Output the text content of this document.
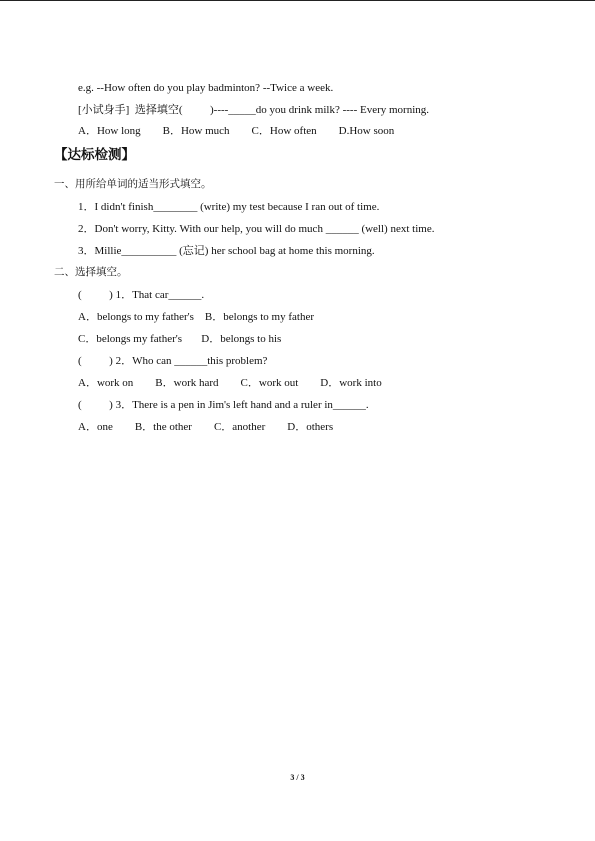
e.g. --How often do you play badminton? --Twice a week.
[小试身手]  选择填空(          )----_____do you drink milk? ---- Every morning.
A．How long        B．How much        C．How often        D.How soon
【达标检测】
一、用所给单词的适当形式填空。
1．I didn't finish________ (write) my test because I ran out of time.
2．Don't worry, Kitty. With our help, you will do much ______ (well) next time.
3．Millie__________ (忘记) her school bag at home this morning.
二、选择填空。
(          ) 1．That car______.
A．belongs to my father's    B．belongs to my father
C．belongs my father's       D．belongs to his
(          ) 2．Who can ______this problem?
A．work on        B．work hard        C．work out        D．work into
(          ) 3．There is a pen in Jim's left hand and a ruler in______.
A．one        B．the other        C．another        D．others
3 / 3
